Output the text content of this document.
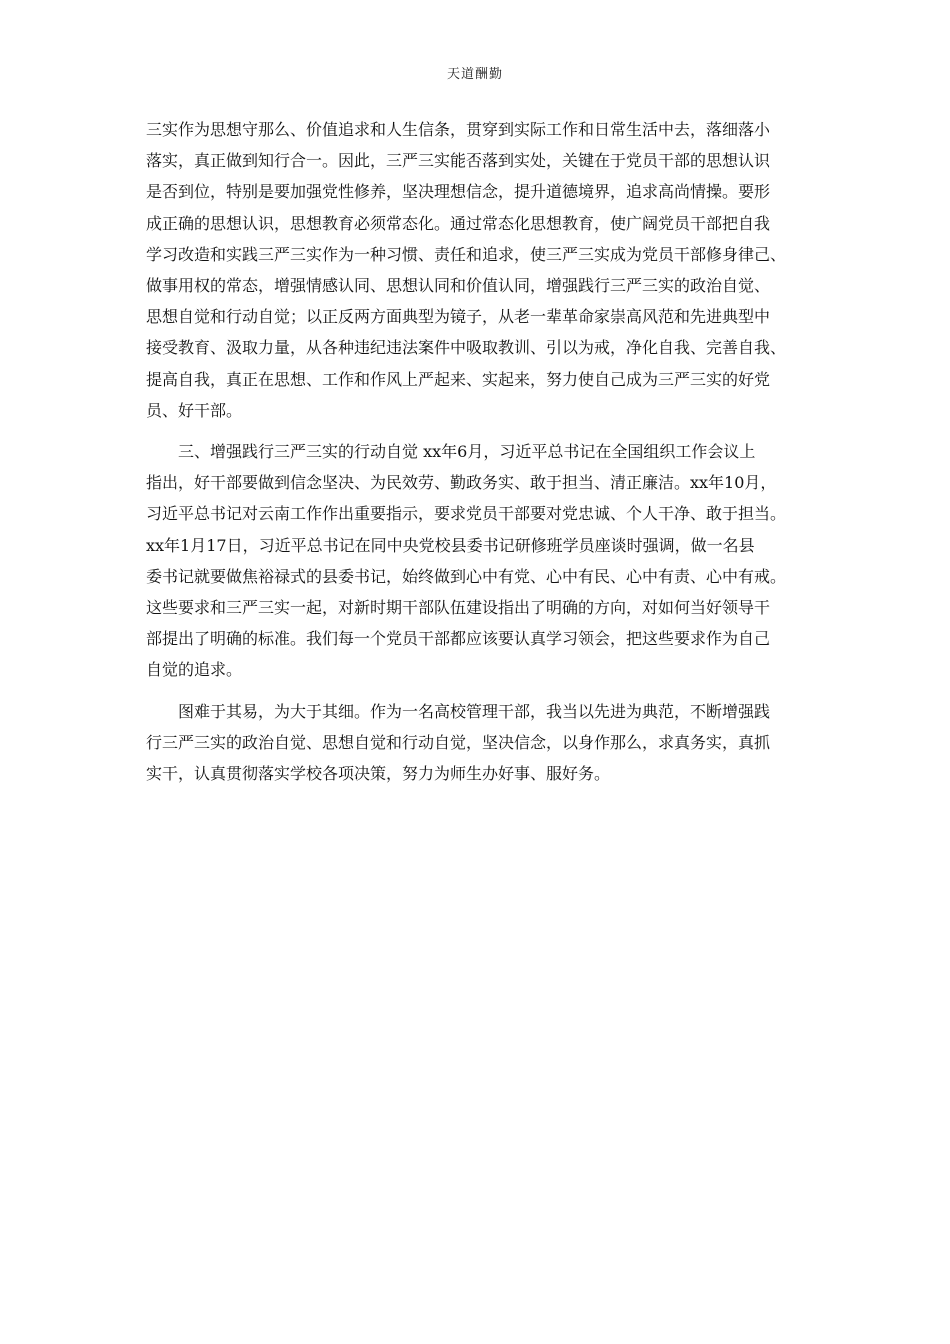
天道酬勤

三实作为思想守那么、价值追求和人生信条，贯穿到实际工作和日常生活中去，落细落小
落实，真正做到知行合一。因此，三严三实能否落到实处，关键在于党员干部的思想认识
是否到位，特别是要加强党性修养，坚决理想信念，提升道德境界，追求高尚情操。要形
成正确的思想认识，思想教育必须常态化。通过常态化思想教育，使广阔党员干部把自我
学习改造和实践三严三实作为一种习惯、责任和追求，使三严三实成为党员干部修身律己、
做事用权的常态，增强情感认同、思想认同和价值认同，增强践行三严三实的政治自觉、
思想自觉和行动自觉；以正反两方面典型为镜子，从老一辈革命家崇高风范和先进典型中
接受教育、汲取力量，从各种违纪违法案件中吸取教训、引以为戒，净化自我、完善自我、
提高自我，真正在思想、工作和作风上严起来、实起来，努力使自己成为三严三实的好党
员、好干部。

三、增强践行三严三实的行动自觉 xx年6月，习近平总书记在全国组织工作会议上
指出，好干部要做到信念坚决、为民效劳、勤政务实、敢于担当、清正廉洁。xx年10月，
习近平总书记对云南工作作出重要指示，要求党员干部要对党忠诚、个人干净、敢于担当。
xx年1月17日，习近平总书记在同中央党校县委书记研修班学员座谈时强调，做一名县
委书记就要做焦裕禄式的县委书记，始终做到心中有党、心中有民、心中有责、心中有戒。
这些要求和三严三实一起，对新时期干部队伍建设指出了明确的方向，对如何当好领导干
部提出了明确的标准。我们每一个党员干部都应该要认真学习领会，把这些要求作为自己
自觉的追求。

图难于其易，为大于其细。作为一名高校管理干部，我当以先进为典范，不断增强践
行三严三实的政治自觉、思想自觉和行动自觉，坚决信念，以身作那么，求真务实，真抓
实干，认真贯彻落实学校各项决策，努力为师生办好事、服好务。
